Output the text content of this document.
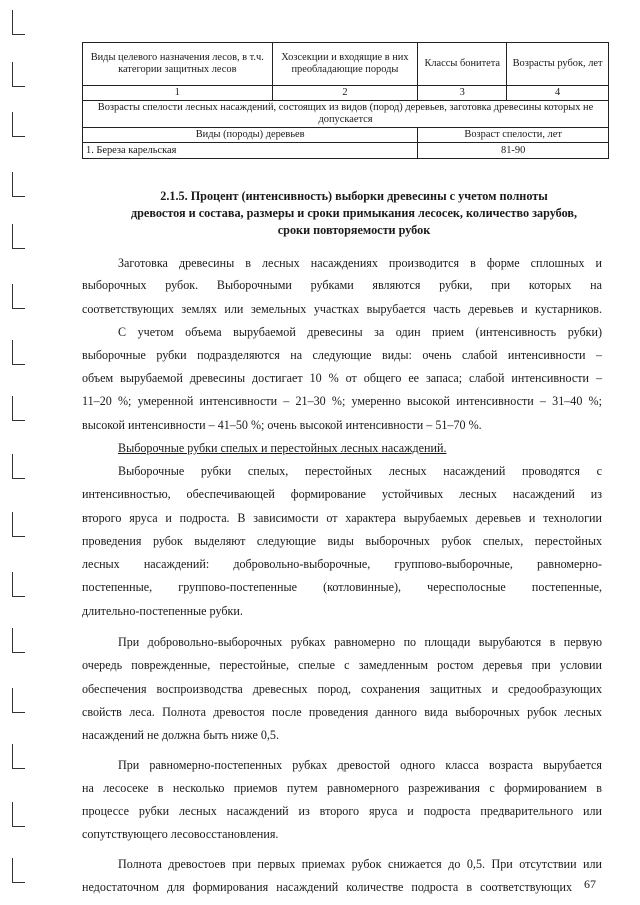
Виды целевого назначения лесов, в т.ч. категории защитных лесов	Хозсекции и входящие в них преобладающие породы	Классы бонитета	Возрасты рубок, лет
1	2	3	4
Возрасты спелости лесных насаждений, состоящих из видов (пород) деревьев, заготовка древесины которых не допускается			
Виды (породы) деревьев		Возраст спелости, лет	
1. Береза карельская		81-90	
2.1.5. Процент (интенсивность) выборки древесины с учетом полноты
древостоя и состава, размеры и сроки примыкания лесосек, количество зарубов,
сроки повторяемости рубок
Заготовка древесины в лесных насаждениях производится в форме сплошных и
выборочных рубок. Выборочными рубками являются рубки, при которых на
соответствующих землях или земельных участках вырубается часть деревьев и кустарников.
С учетом объема вырубаемой древесины за один прием (интенсивность рубки)
выборочные рубки подразделяются на следующие виды: очень слабой интенсивности –
объем вырубаемой древесины достигает 10 % от общего ее запаса; слабой интенсивности –
11–20 %; умеренной интенсивности – 21–30 %; умеренно высокой интенсивности – 31–40 %;
высокой интенсивности – 41–50 %; очень высокой интенсивности – 51–70 %.
Выборочные рубки спелых и перестойных лесных насаждений.
Выборочные рубки спелых, перестойных лесных насаждений проводятся с
интенсивностью, обеспечивающей формирование устойчивых лесных насаждений из
второго яруса и подроста. В зависимости от характера вырубаемых деревьев и технологии
проведения рубок выделяют следующие виды выборочных рубок спелых, перестойных
лесных насаждений: добровольно-выборочные, группово-выборочные, равномерно-
постепенные, группово-постепенные (котловинные), чересполосные постепенные,
длительно-постепенные рубки.
При добровольно-выборочных рубках равномерно по площади вырубаются в первую
очередь поврежденные, перестойные, спелые с замедленным ростом деревья при условии
обеспечения воспроизводства древесных пород, сохранения защитных и средообразующих
свойств леса. Полнота древостоя после проведения данного вида выборочных рубок лесных
насаждений не должна быть ниже 0,5.
При равномерно-постепенных рубках древостой одного класса возраста вырубается
на лесосеке в несколько приемов путем равномерного разреживания с формированием в
процессе рубки лесных насаждений из второго яруса и подроста предварительного или
сопутствующего лесовосстановления.
Полнота древостоев при первых приемах рубок снижается до 0,5. При отсутствии или
недостаточном для формирования насаждений количестве подроста в соответствующих 67
